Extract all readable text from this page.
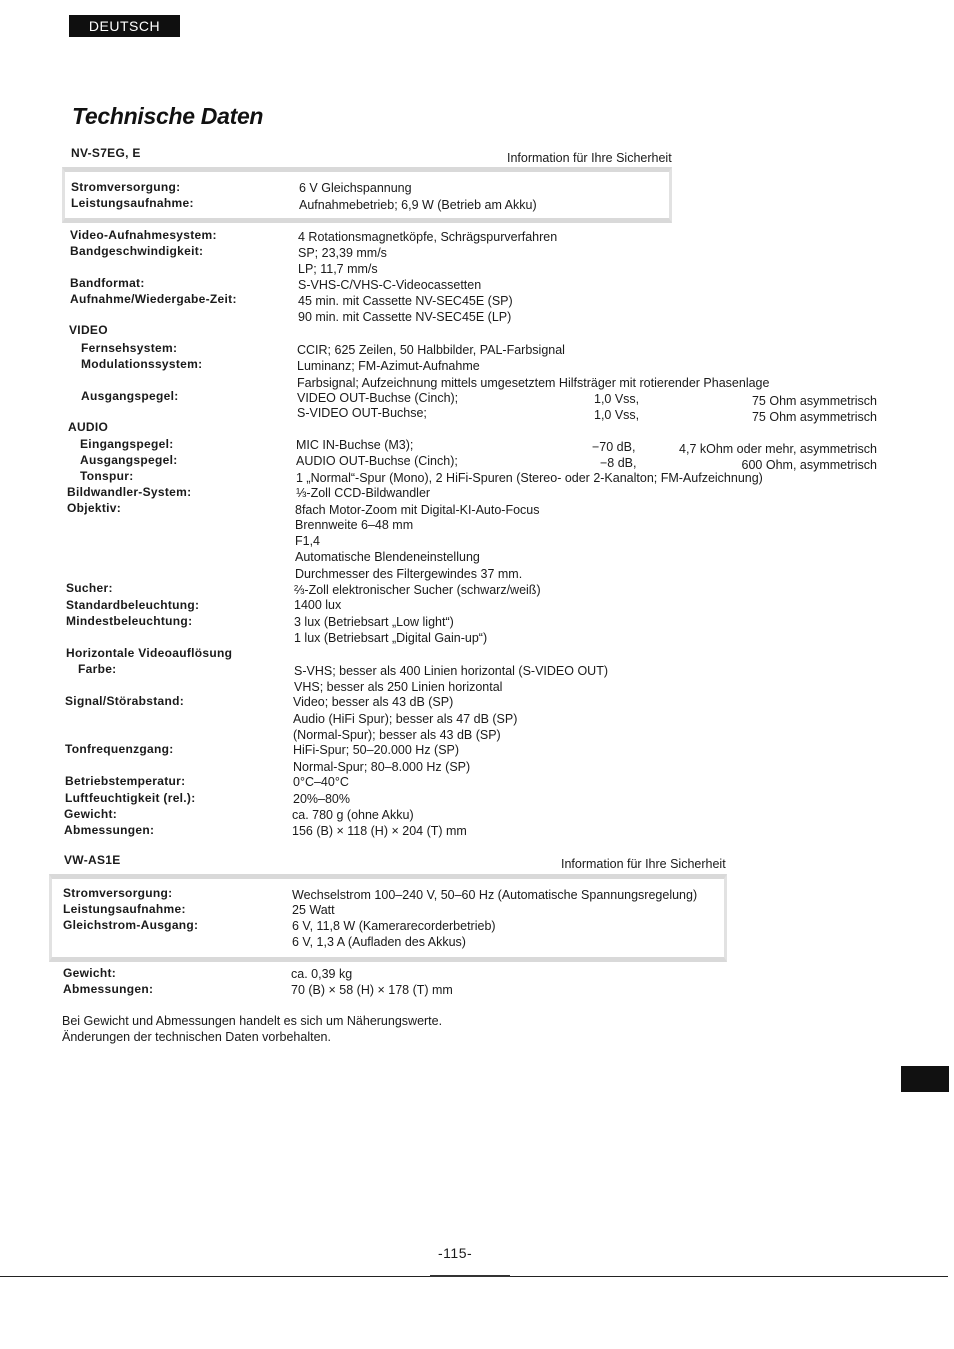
DEUTSCH
Technische Daten
NV-S7EG, E	Information für Ihre Sicherheit
Stromversorgung:
Leistungsaufnahme:
Video-Aufnahmesystem:
Bandgeschwindigkeit:
Bandformat:
Aufnahme/Wiedergabe-Zeit:
VIDEO
Fernsehsystem:
Modulationssystem:
Ausgangspegel:
AUDIO
Eingangspegel:
Ausgangspegel:
Tonspur:
Bildwandler-System:
Objektiv:
Sucher:
Standardbeleuchtung:
Mindestbeleuchtung:
Horizontale Videoauflösung
Farbe:
Signal/Störabstand:
Tonfrequenzgang:
Betriebstemperatur:
Luftfeuchtigkeit (rel.):
Gewicht:
Abmessungen:
6 V Gleichspannung
Aufnahmebetrieb; 6,9 W (Betrieb am Akku)
4 Rotationsmagnetköpfe, Schrägspurverfahren
SP; 23,39 mm/s
LP; 11,7 mm/s
S-VHS-C/VHS-C-Videocassetten
45 min. mit Cassette NV-SEC45E (SP)
90 min. mit Cassette NV-SEC45E (LP)
CCIR; 625 Zeilen, 50 Halbbilder, PAL-Farbsignal
Luminanz; FM-Azimut-Aufnahme
Farbsignal; Aufzeichnung mittels umgesetztem Hilfsträger mit rotierender Phasenlage
VIDEO OUT-Buchse (Cinch);
S-VIDEO OUT-Buchse;
MIC IN-Buchse (M3);
AUDIO OUT-Buchse (Cinch);
1 „Normal“-Spur (Mono), 2 HiFi-Spuren (Stereo- oder 2-Kanalton; FM-Aufzeichnung)
⅓-Zoll CCD-Bildwandler
8fach Motor-Zoom mit Digital-KI-Auto-Focus
Brennweite 6–48 mm
F1,4
Automatische Blendeneinstellung
Durchmesser des Filtergewindes 37 mm.
⅔-Zoll elektronischer Sucher (schwarz/weiß)
1400 lux
3 lux (Betriebsart „Low light“)
1 lux (Betriebsart „Digital Gain-up“)
S-VHS; besser als 400 Linien horizontal (S-VIDEO OUT)
VHS; besser als 250 Linien horizontal
Video; besser als 43 dB (SP)
Audio (HiFi Spur); besser als 47 dB (SP)
(Normal-Spur); besser als 43 dB (SP)
HiFi-Spur; 50–20.000 Hz (SP)
Normal-Spur; 80–8.000 Hz (SP)
0°C–40°C
20%–80%
ca. 780 g (ohne Akku)
156 (B) × 118 (H) × 204 (T) mm
1,0 Vss,
1,0 Vss,
−70 dB,
−8 dB,
75 Ohm asymmetrisch
75 Ohm asymmetrisch
4,7 kOhm oder mehr, asymmetrisch
600 Ohm, asymmetrisch
VW-AS1E	Information für Ihre Sicherheit
Stromversorgung:
Leistungsaufnahme:
Gleichstrom-Ausgang:
Gewicht:
Abmessungen:
Wechselstrom 100–240 V, 50–60 Hz (Automatische Spannungsregelung)
25 Watt
6 V, 11,8 W (Kamerarecorderbetrieb)
6 V, 1,3 A (Aufladen des Akkus)
ca. 0,39 kg
70 (B) × 58 (H) × 178 (T) mm
Bei Gewicht und Abmessungen handelt es sich um Näherungswerte.
Änderungen der technischen Daten vorbehalten.
-115-
